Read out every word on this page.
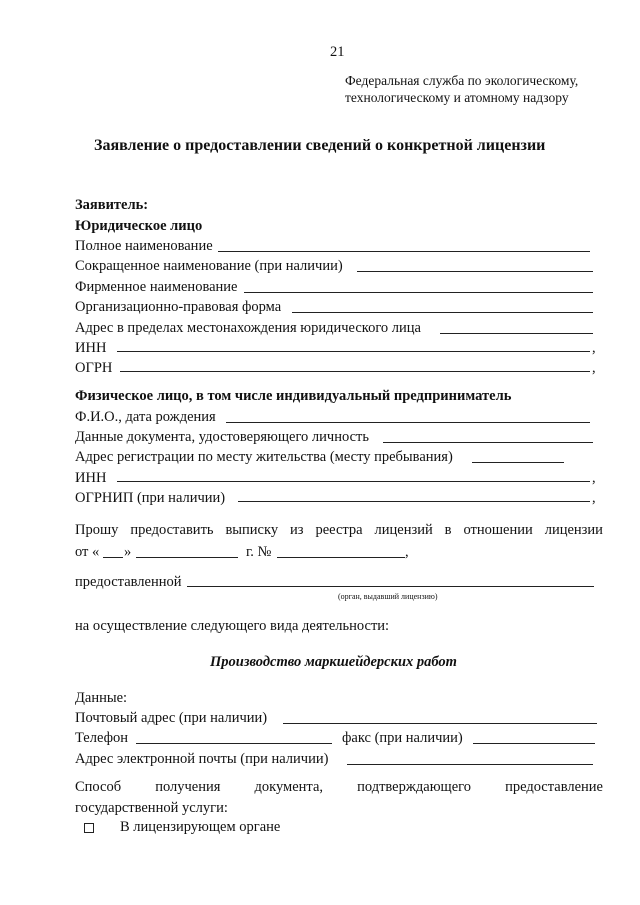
21
Федеральная служба по экологическому,
технологическому и атомному надзору
Заявление о предоставлении сведений о конкретной лицензии
Заявитель:
Юридическое лицо
Полное наименование
Сокращенное наименование (при наличии)
Фирменное наименование
Организационно-правовая форма
Адрес в пределах местонахождения юридического лица
ИНН	,
ОГРН	,
Физическое лицо, в том числе индивидуальный предприниматель
Ф.И.О., дата рождения
Данные документа, удостоверяющего личность
Адрес регистрации по месту жительства (месту пребывания)
ИНН	,
ОГРНИП (при наличии)	,
Прошу предоставить выписку из реестра лицензий в отношении лицензии
от « »	г. №	,
предоставленной
(орган, выдавший лицензию)
на осуществление следующего вида деятельности:
Производство маркшейдерских работ
Данные:
Почтовый адрес (при наличии)
Телефон	факс (при наличии)
Адрес электронной почты (при наличии)
Способ получения документа, подтверждающего предоставление
государственной услуги:
В лицензирующем органе
